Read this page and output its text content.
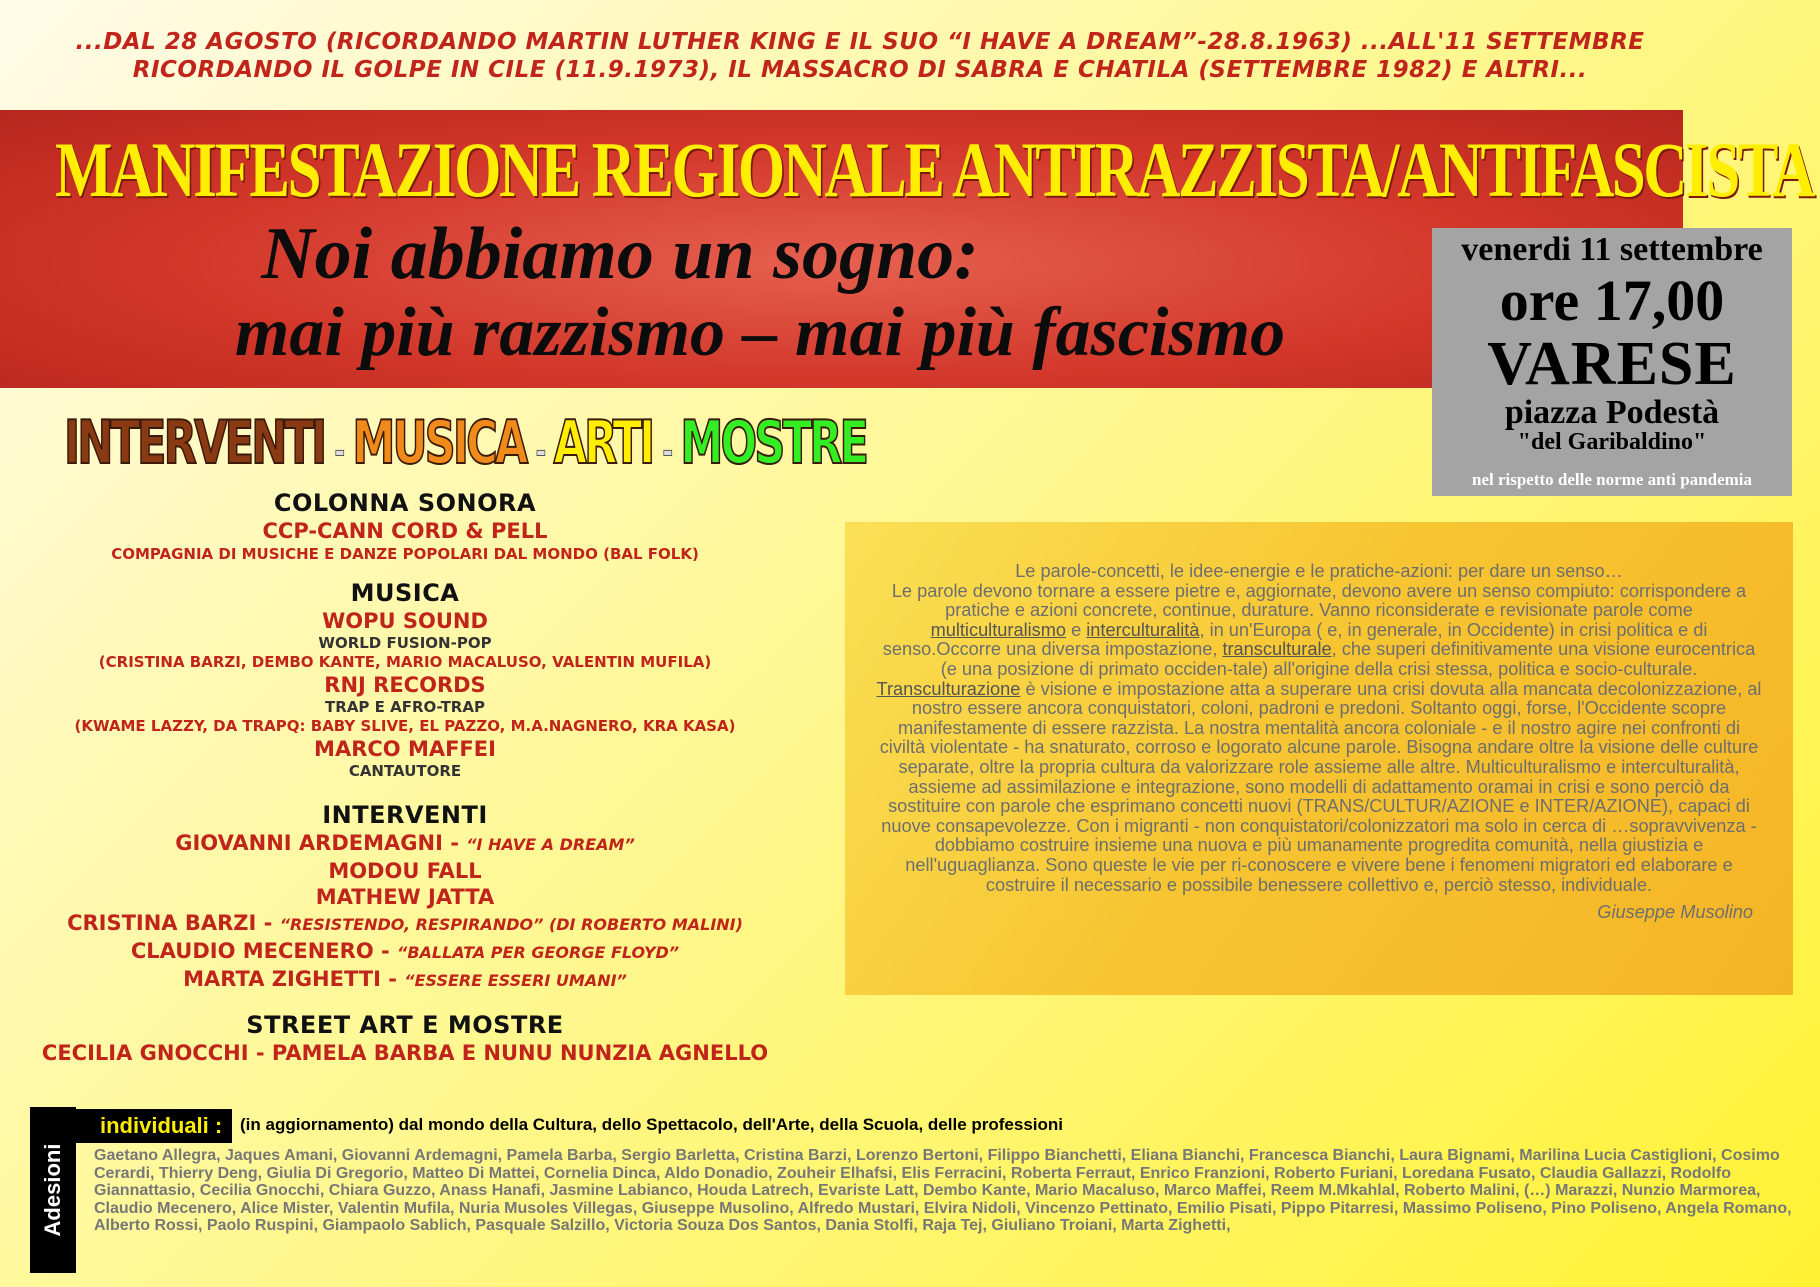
...DAL 28 AGOSTO (RICORDANDO MARTIN LUTHER KING E IL SUO “I HAVE A DREAM”-28.8.1963) ...ALL'11 SETTEMBRE
RICORDANDO IL GOLPE IN CILE (11.9.1973), IL MASSACRO DI SABRA E CHATILA (SETTEMBRE 1982) E ALTRI...
MANIFESTAZIONE REGIONALE ANTIRAZZISTA/ANTIFASCISTA
Noi abbiamo un sogno:
mai più razzismo – mai più fascismo
venerdi 11 settembre
ore 17,00
VARESE
piazza Podestà
"del Garibaldino"
nel rispetto delle norme anti pandemia
INTERVENTI - MUSICA - ARTI - MOSTRE
COLONNA SONORA
CCP-CANN CORD & PELL
COMPAGNIA DI MUSICHE E DANZE POPOLARI DAL MONDO (BAL FOLK)
MUSICA
WOPU SOUND
WORLD FUSION-POP
(CRISTINA BARZI, DEMBO KANTE, MARIO MACALUSO, VALENTIN MUFILA)
RNJ RECORDS
TRAP E AFRO-TRAP
(KWAME LAZZY, DA TRAPQ: BABY SLIVE, EL PAZZO, M.A.NAGNERO, KRA KASA)
MARCO MAFFEI
CANTAUTORE
INTERVENTI
GIOVANNI ARDEMAGNI - “I HAVE A DREAM”
MODOU FALL
MATHEW JATTA
CRISTINA BARZI - “RESISTENDO, RESPIRANDO” (DI ROBERTO MALINI)
CLAUDIO MECENERO - “BALLATA PER GEORGE FLOYD”
MARTA ZIGHETTI - “ESSERE ESSERI UMANI”
STREET ART E MOSTRE
CECILIA GNOCCHI - PAMELA BARBA E NUNU NUNZIA AGNELLO

Le parole-concetti, le idee-energie e le pratiche-azioni: per dare un senso…

Le parole devono tornare a essere pietre e, aggiornate, devono avere un senso compiuto: corrispondere a pratiche e azioni concrete, continue, durature. Vanno riconsiderate e revisionate parole come multiculturalismo e interculturalità, in un'Europa ( e, in generale, in Occidente) in crisi politica e di senso.Occorre una diversa impostazione, transculturale, che superi definitivamente una visione eurocentrica (e una posizione di primato occiden-tale) all'origine della crisi stessa, politica e socio-culturale. Transculturazione è visione e impostazione atta a superare una crisi dovuta alla mancata decolonizzazione, al nostro essere ancora conquistatori, coloni, padroni e predoni. Soltanto oggi, forse, l'Occidente scopre manifestamente di essere razzista. La nostra mentalità ancora coloniale - e il nostro agire nei confronti di civiltà violentate - ha snaturato, corroso e logorato alcune parole. Bisogna andare oltre la visione delle culture separate, oltre la propria cultura da valorizzare role assieme alle altre. Multiculturalismo e interculturalità, assieme ad assimilazione e integrazione, sono modelli di adattamento oramai in crisi e sono perciò da sostituire con parole che esprimano concetti nuovi (TRANS/CULTUR/AZIONE e INTER/AZIONE), capaci di nuove consapevolezze. Con i migranti - non conquistatori/colonizzatori ma solo in cerca di …sopravvivenza - dobbiamo costruire insieme una nuova e più umanamente progredita comunità, nella giustizia e nell'uguaglianza. Sono queste le vie per ri-conoscere e vivere bene i fenomeni migratori ed elaborare e costruire il necessario e possibile benessere collettivo e, perciò stesso, individuale.

Giuseppe Musolino

Adesioni
individuali :	(in aggiornamento) dal mondo della Cultura, dello Spettacolo, dell'Arte, della Scuola, delle professioni
Gaetano Allegra, Jaques Amani, Giovanni Ardemagni, Pamela Barba, Sergio Barletta, Cristina Barzi, Lorenzo Bertoni, Filippo Bianchetti, Eliana Bianchi, Francesca Bianchi, Laura Bignami, Marilina Lucia Castiglioni, Cosimo Cerardi, Thierry Deng, Giulia Di Gregorio, Matteo Di Mattei, Cornelia Dinca, Aldo Donadio, Zouheir Elhafsi, Elis Ferracini, Roberta Ferraut, Enrico Franzioni, Roberto Furiani, Loredana Fusato, Claudia Gallazzi, Rodolfo Giannattasio, Cecilia Gnocchi, Chiara Guzzo, Anass Hanafi, Jasmine Labianco, Houda Latrech, Evariste Latt, Dembo Kante, Mario Macaluso, Marco Maffei, Reem M.Mkahlal, Roberto Malini, (…) Marazzi, Nunzio Marmorea, Claudio Mecenero, Alice Mister, Valentin Mufila, Nuria Musoles Villegas, Giuseppe Musolino, Alfredo Mustari, Elvira Nidoli, Vincenzo Pettinato, Emilio Pisati, Pippo Pitarresi, Massimo Poliseno, Pino Poliseno, Angela Romano, Alberto Rossi, Paolo Ruspini, Giampaolo Sablich, Pasquale Salzillo, Victoria Souza Dos Santos, Dania Stolfi, Raja Tej, Giuliano Troiani, Marta Zighetti,
